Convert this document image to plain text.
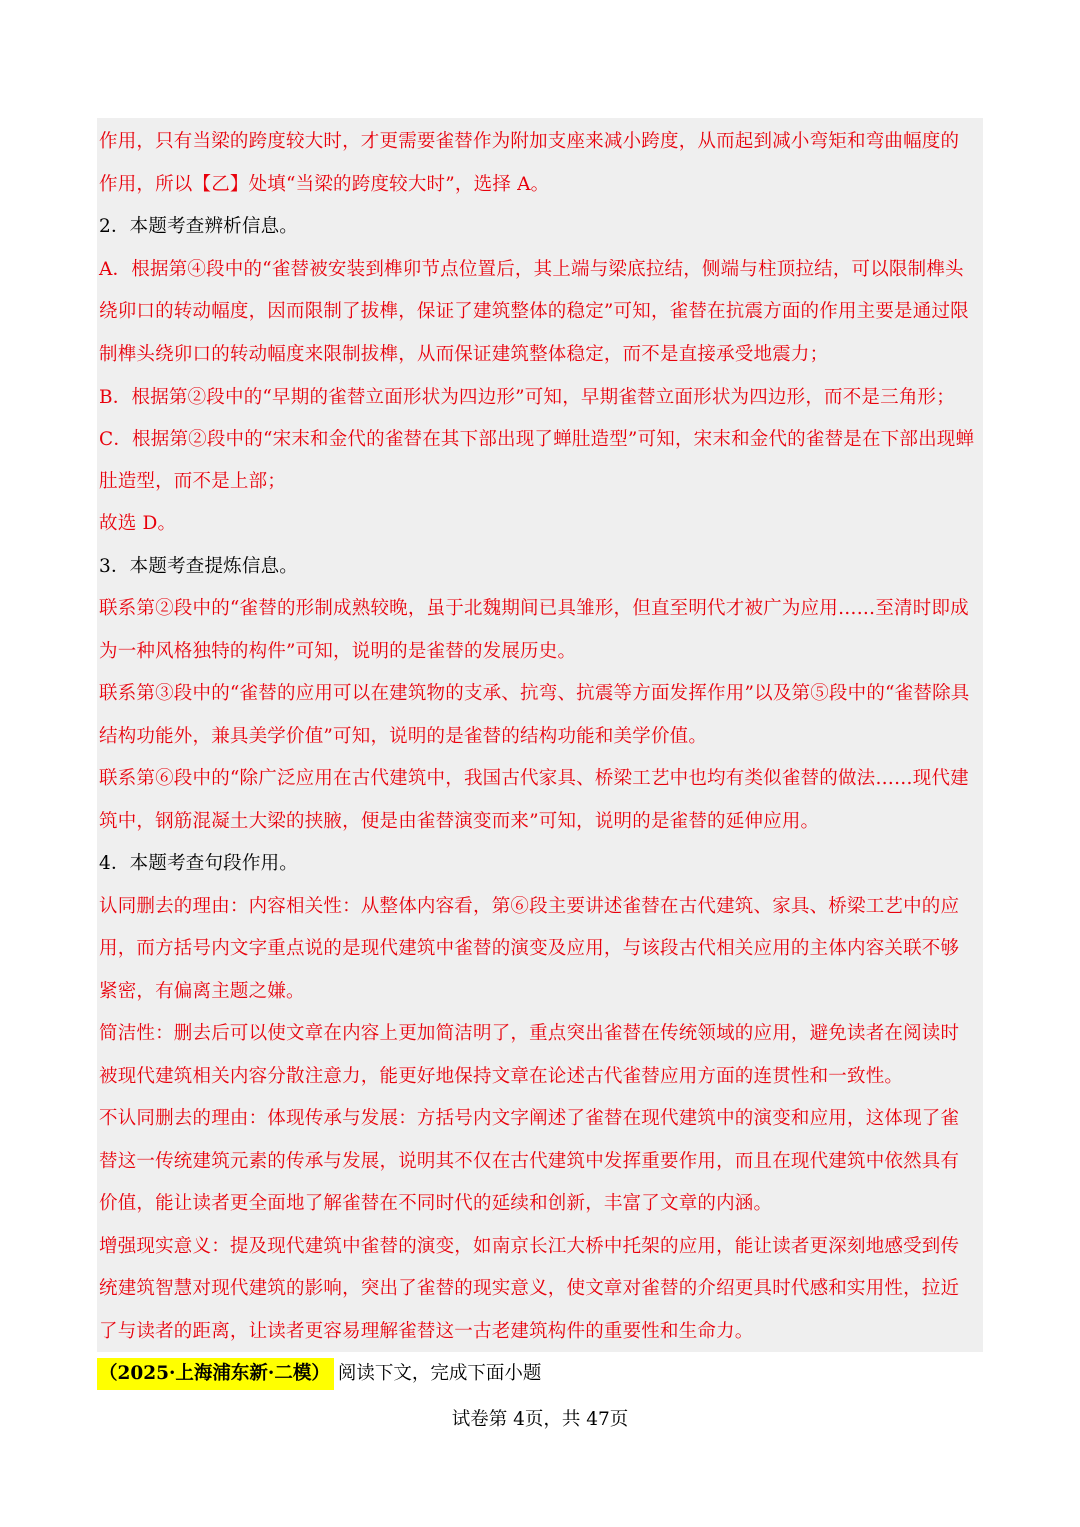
作用，只有当梁的跨度较大时，才更需要雀替作为附加支座来减小跨度，从而起到减小弯矩和弯曲幅度的
作用，所以【乙】处填“当梁的跨度较大时”，选择 A。
2．本题考查辨析信息。
A．根据第④段中的“雀替被安装到榫卯节点位置后，其上端与梁底拉结，侧端与柱顶拉结，可以限制榫头
绕卯口的转动幅度，因而限制了拔榫，保证了建筑整体的稳定”可知，雀替在抗震方面的作用主要是通过限
制榫头绕卯口的转动幅度来限制拔榫，从而保证建筑整体稳定，而不是直接承受地震力；
B．根据第②段中的“早期的雀替立面形状为四边形”可知，早期雀替立面形状为四边形，而不是三角形；
C．根据第②段中的“宋末和金代的雀替在其下部出现了蝉肚造型”可知，宋末和金代的雀替是在下部出现蝉
肚造型，而不是上部；
故选 D。
3．本题考查提炼信息。
联系第②段中的“雀替的形制成熟较晚，虽于北魏期间已具雏形，但直至明代才被广为应用……至清时即成
为一种风格独特的构件”可知，说明的是雀替的发展历史。
联系第③段中的“雀替的应用可以在建筑物的支承、抗弯、抗震等方面发挥作用”以及第⑤段中的“雀替除具
结构功能外，兼具美学价值”可知，说明的是雀替的结构功能和美学价值。
联系第⑥段中的“除广泛应用在古代建筑中，我国古代家具、桥梁工艺中也均有类似雀替的做法……现代建
筑中，钢筋混凝土大梁的挟腋，便是由雀替演变而来”可知，说明的是雀替的延伸应用。
4．本题考查句段作用。
认同删去的理由：内容相关性：从整体内容看，第⑥段主要讲述雀替在古代建筑、家具、桥梁工艺中的应
用，而方括号内文字重点说的是现代建筑中雀替的演变及应用，与该段古代相关应用的主体内容关联不够
紧密，有偏离主题之嫌。
简洁性：删去后可以使文章在内容上更加简洁明了，重点突出雀替在传统领域的应用，避免读者在阅读时
被现代建筑相关内容分散注意力，能更好地保持文章在论述古代雀替应用方面的连贯性和一致性。
不认同删去的理由：体现传承与发展：方括号内文字阐述了雀替在现代建筑中的演变和应用，这体现了雀
替这一传统建筑元素的传承与发展，说明其不仅在古代建筑中发挥重要作用，而且在现代建筑中依然具有
价值，能让读者更全面地了解雀替在不同时代的延续和创新，丰富了文章的内涵。
增强现实意义：提及现代建筑中雀替的演变，如南京长江大桥中托架的应用，能让读者更深刻地感受到传
统建筑智慧对现代建筑的影响，突出了雀替的现实意义，使文章对雀替的介绍更具时代感和实用性，拉近
了与读者的距离，让读者更容易理解雀替这一古老建筑构件的重要性和生命力。
（2025·上海浦东新·二模） 阅读下文，完成下面小题
试卷第 4页，共 47页
